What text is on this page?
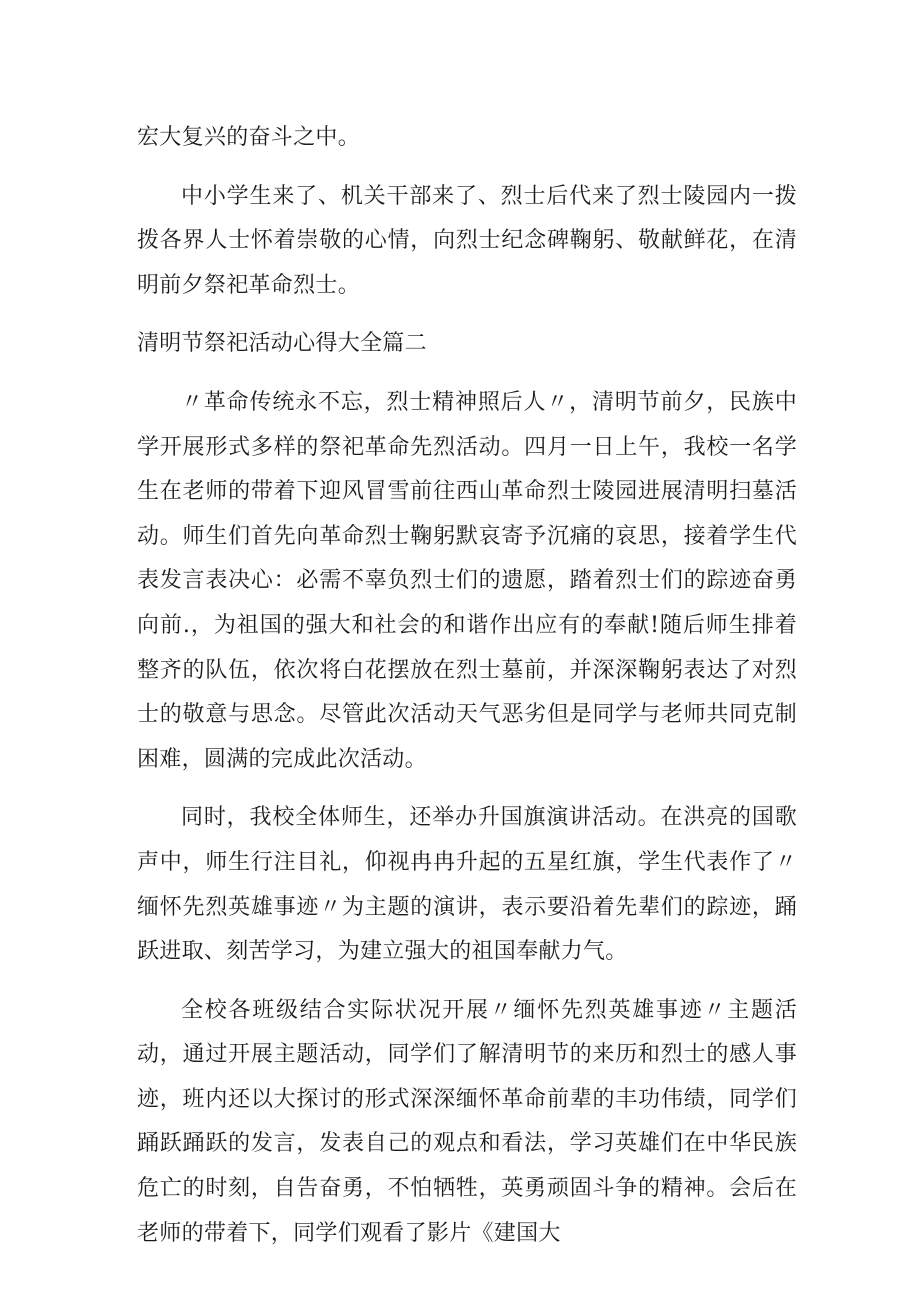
宏大复兴的奋斗之中。

中小学生来了、机关干部来了、烈士后代来了烈士陵园内一拨拨各界人士怀着崇敬的心情，向烈士纪念碑鞠躬、敬献鲜花，在清明前夕祭祀革命烈士。

清明节祭祀活动心得大全篇二

〃革命传统永不忘，烈士精神照后人〃，清明节前夕，民族中学开展形式多样的祭祀革命先烈活动。四月一日上午，我校一名学生在老师的带着下迎风冒雪前往西山革命烈士陵园进展清明扫墓活动。师生们首先向革命烈士鞠躬默哀寄予沉痛的哀思，接着学生代表发言表决心：必需不辜负烈士们的遗愿，踏着烈士们的踪迹奋勇向前.，为祖国的强大和社会的和谐作出应有的奉献!随后师生排着整齐的队伍，依次将白花摆放在烈士墓前，并深深鞠躬表达了对烈士的敬意与思念。尽管此次活动天气恶劣但是同学与老师共同克制困难，圆满的完成此次活动。

同时，我校全体师生，还举办升国旗演讲活动。在洪亮的国歌声中，师生行注目礼，仰视冉冉升起的五星红旗，学生代表作了〃缅怀先烈英雄事迹〃为主题的演讲，表示要沿着先辈们的踪迹，踊跃进取、刻苦学习，为建立强大的祖国奉献力气。

全校各班级结合实际状况开展〃缅怀先烈英雄事迹〃主题活动，通过开展主题活动，同学们了解清明节的来历和烈士的感人事迹，班内还以大探讨的形式深深缅怀革命前辈的丰功伟绩，同学们踊跃踊跃的发言，发表自己的观点和看法，学习英雄们在中华民族危亡的时刻，自告奋勇，不怕牺牲，英勇顽固斗争的精神。会后在老师的带着下，同学们观看了影片《建国大
